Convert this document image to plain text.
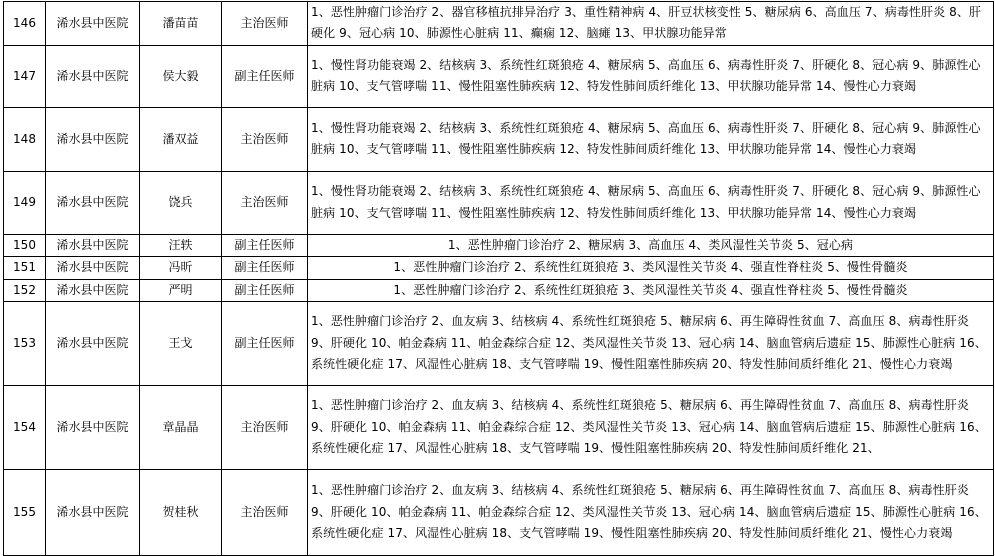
146	浠水县中医院	潘苗苗	主治医师	1、恶性肿瘤门诊治疗 2、器官移植抗排异治疗 3、重性精神病 4、肝豆状核变性 5、糖尿病 6、高血压 7、病毒性肝炎 8、肝硬化 9、冠心病 10、肺源性心脏病 11、癫痫 12、脑瘫 13、甲状腺功能异常
147	浠水县中医院	侯大毅	副主任医师	1、慢性肾功能衰竭 2、结核病 3、系统性红斑狼疮 4、糖尿病 5、高血压 6、病毒性肝炎 7、肝硬化 8、冠心病 9、肺源性心脏病 10、支气管哮喘 11、慢性阻塞性肺疾病 12、特发性肺间质纤维化 13、甲状腺功能异常 14、慢性心力衰竭
148	浠水县中医院	潘双益	主治医师	1、慢性肾功能衰竭 2、结核病 3、系统性红斑狼疮 4、糖尿病 5、高血压 6、病毒性肝炎 7、肝硬化 8、冠心病 9、肺源性心脏病 10、支气管哮喘 11、慢性阻塞性肺疾病 12、特发性肺间质纤维化 13、甲状腺功能异常 14、慢性心力衰竭
149	浠水县中医院	饶兵	主治医师	1、慢性肾功能衰竭 2、结核病 3、系统性红斑狼疮 4、糖尿病 5、高血压 6、病毒性肝炎 7、肝硬化 8、冠心病 9、肺源性心脏病 10、支气管哮喘 11、慢性阻塞性肺疾病 12、特发性肺间质纤维化 13、甲状腺功能异常 14、慢性心力衰竭
150	浠水县中医院	汪轶	副主任医师	1、恶性肿瘤门诊治疗 2、糖尿病 3、高血压 4、类风湿性关节炎 5、冠心病
151	浠水县中医院	冯昕	副主任医师	1、恶性肿瘤门诊治疗 2、系统性红斑狼疮 3、类风湿性关节炎 4、强直性脊柱炎 5、慢性骨髓炎
152	浠水县中医院	严明	副主任医师	1、恶性肿瘤门诊治疗 2、系统性红斑狼疮 3、类风湿性关节炎 4、强直性脊柱炎 5、慢性骨髓炎
153	浠水县中医院	王戈	副主任医师	1、恶性肿瘤门诊治疗 2、血友病 3、结核病 4、系统性红斑狼疮 5、糖尿病 6、再生障碍性贫血 7、高血压 8、病毒性肝炎 9、肝硬化 10、帕金森病 11、帕金森综合症 12、类风湿性关节炎 13、冠心病 14、脑血管病后遗症 15、肺源性心脏病 16、系统性硬化症 17、风湿性心脏病 18、支气管哮喘 19、慢性阻塞性肺疾病 20、特发性肺间质纤维化 21、慢性心力衰竭
154	浠水县中医院	章晶晶	主治医师	1、恶性肿瘤门诊治疗 2、血友病 3、结核病 4、系统性红斑狼疮 5、糖尿病 6、再生障碍性贫血 7、高血压 8、病毒性肝炎 9、肝硬化 10、帕金森病 11、帕金森综合症 12、类风湿性关节炎 13、冠心病 14、脑血管病后遗症 15、肺源性心脏病 16、系统性硬化症 17、风湿性心脏病 18、支气管哮喘 19、慢性阻塞性肺疾病 20、特发性肺间质纤维化 21、
155	浠水县中医院	贺桂秋	主治医师	1、恶性肿瘤门诊治疗 2、血友病 3、结核病 4、系统性红斑狼疮 5、糖尿病 6、再生障碍性贫血 7、高血压 8、病毒性肝炎 9、肝硬化 10、帕金森病 11、帕金森综合症 12、类风湿性关节炎 13、冠心病 14、脑血管病后遗症 15、肺源性心脏病 16、系统性硬化症 17、风湿性心脏病 18、支气管哮喘 19、慢性阻塞性肺疾病 20、特发性肺间质纤维化 21、慢性心力衰竭
